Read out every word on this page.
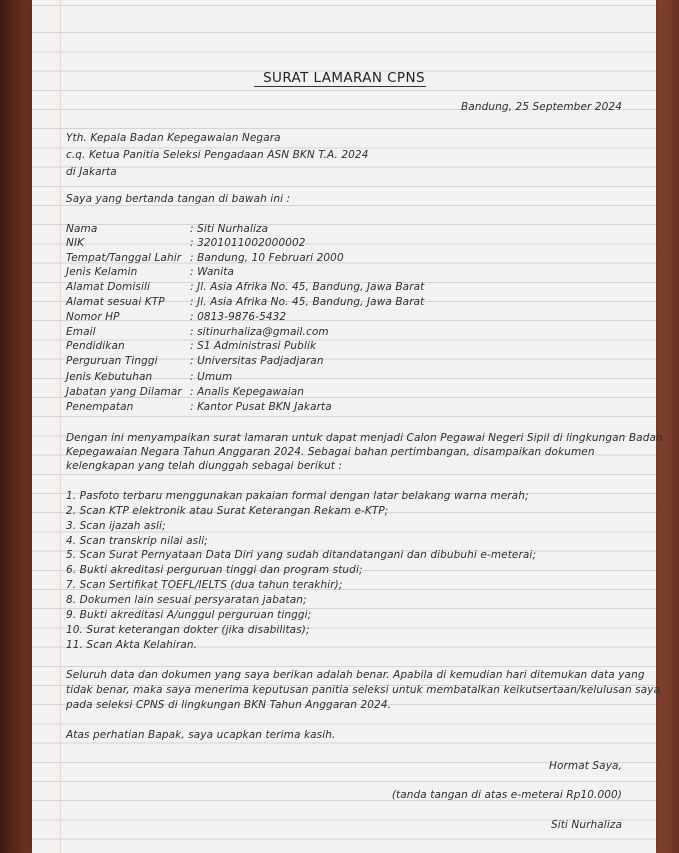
SURAT LAMARAN CPNS
Bandung, 25 September 2024
Yth. Kepala Badan Kepegawaian Negara
c.q. Ketua Panitia Seleksi Pengadaan ASN BKN T.A. 2024
di Jakarta
Saya yang bertanda tangan di bawah ini :
Nama	: Siti Nurhaliza
NIK	: 3201011002000002
Tempat/Tanggal Lahir : Bandung, 10 Februari 2000
Jenis Kelamin	: Wanita
Alamat Domisili	: Jl. Asia Afrika No. 45, Bandung, Jawa Barat
Alamat sesuai KTP	: Jl. Asia Afrika No. 45, Bandung, Jawa Barat
Nomor HP	: 0813-9876-5432
Email	: sitinurhaliza@gmail.com
Pendidikan	: S1 Administrasi Publik
Perguruan Tinggi	: Universitas Padjadjaran
Jenis Kebutuhan	: Umum
Jabatan yang Dilamar : Analis Kepegawaian
Penempatan	: Kantor Pusat BKN Jakarta
Dengan ini menyampaikan surat lamaran untuk dapat menjadi Calon Pegawai Negeri Sipil di lingkungan Badan
Kepegawaian Negara Tahun Anggaran 2024. Sebagai bahan pertimbangan, disampaikan dokumen
kelengkapan yang telah diunggah sebagai berikut :
1. Pasfoto terbaru menggunakan pakaian formal dengan latar belakang warna merah;
2. Scan KTP elektronik atau Surat Keterangan Rekam e-KTP;
3. Scan ijazah asli;
4. Scan transkrip nilai asli;
5. Scan Surat Pernyataan Data Diri yang sudah ditandatangani dan dibubuhi e-meterai;
6. Bukti akreditasi perguruan tinggi dan program studi;
7. Scan Sertifikat TOEFL/IELTS (dua tahun terakhir);
8. Dokumen lain sesuai persyaratan jabatan;
9. Bukti akreditasi A/unggul perguruan tinggi;
10. Surat keterangan dokter (jika disabilitas);
11. Scan Akta Kelahiran.
Seluruh data dan dokumen yang saya berikan adalah benar. Apabila di kemudian hari ditemukan data yang
tidak benar, maka saya menerima keputusan panitia seleksi untuk membatalkan keikutsertaan/kelulusan saya
pada seleksi CPNS di lingkungan BKN Tahun Anggaran 2024.
Atas perhatian Bapak, saya ucapkan terima kasih.
Hormat Saya,
(tanda tangan di atas e-meterai Rp10.000)
Siti Nurhaliza
